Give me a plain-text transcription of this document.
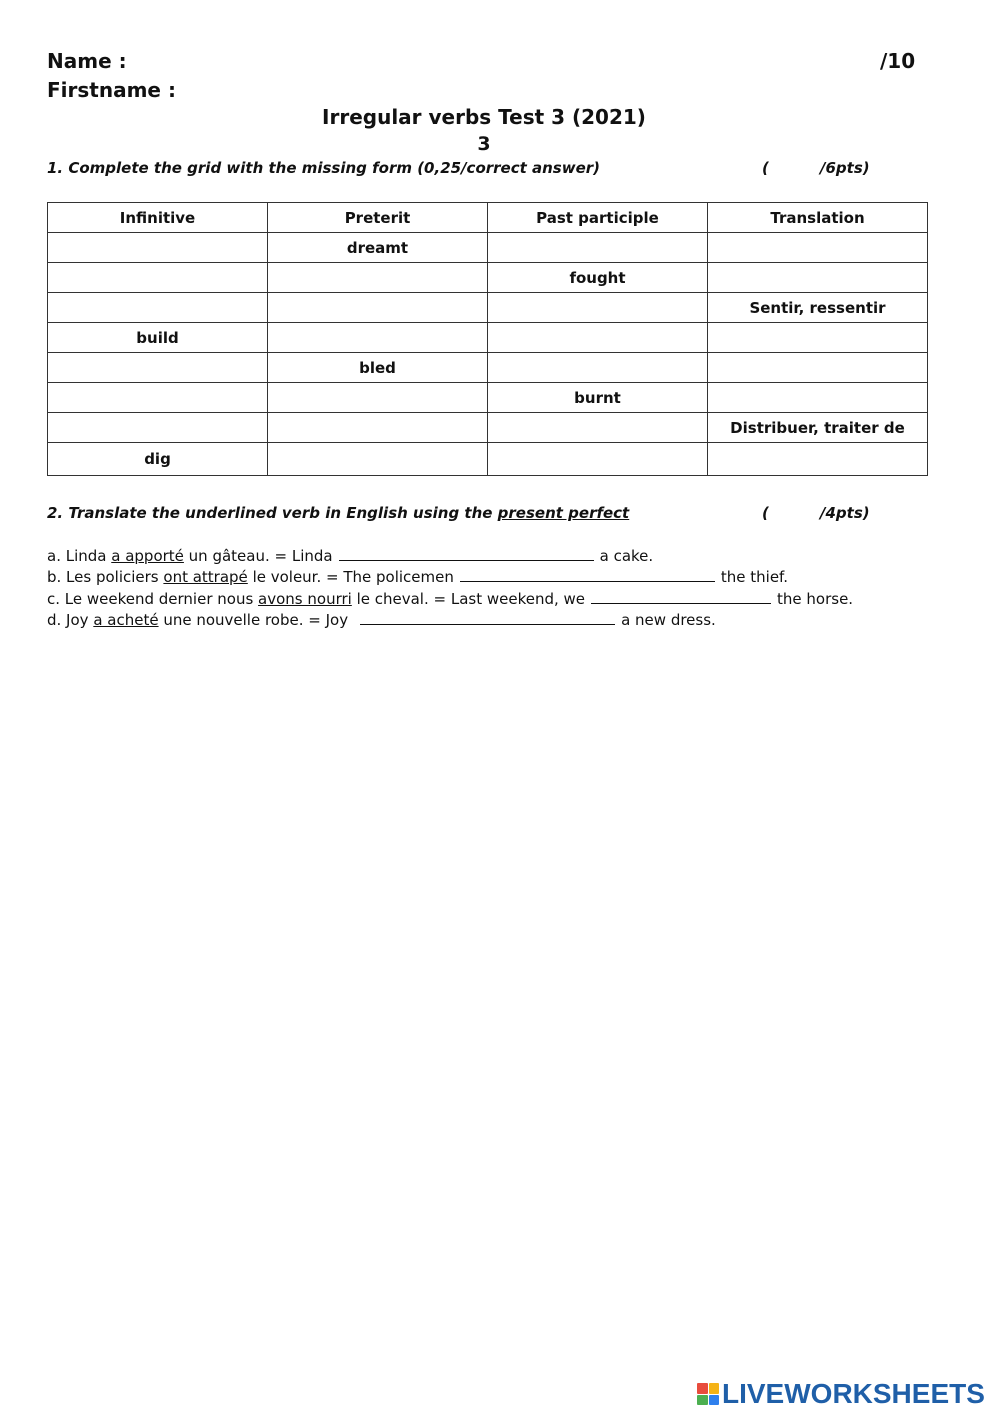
Name :
Firstname :
/10
Irregular verbs Test 3 (2021)
3
1. Complete the grid with the missing form (0,25/correct answer)	(	/6pts)
Infinitive	Preterit	Past participle	Translation
	dreamt		
		fought	
			Sentir, ressentir
build			
	bled		
		burnt	
			Distribuer, traiter de
dig			
2. Translate the underlined verb in English using the present perfect	(	/4pts)
a. Linda a apporté un gâteau. = Linda	a cake.
b. Les policiers ont attrapé le voleur. = The policemen	the thief.
c. Le weekend dernier nous avons nourri le cheval. = Last weekend, we	the horse.
d. Joy a acheté une nouvelle robe. = Joy	a new dress.
LIVEWORKSHEETS
